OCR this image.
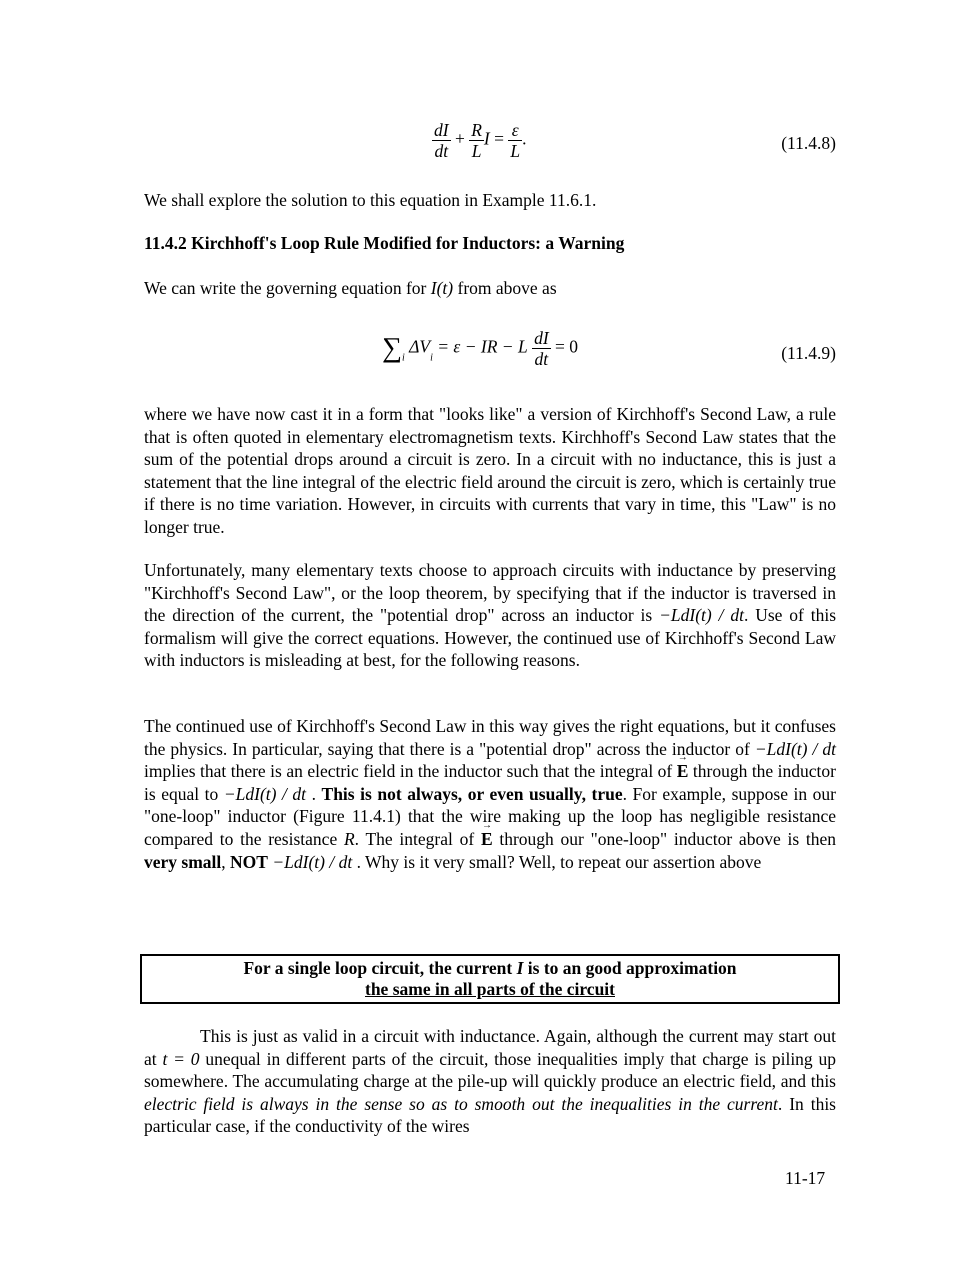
$\frac{dI}{dt} + \frac{R}{L}$ $I = \frac{\varepsilon}{L}$ .	(11.4.8)

We shall explore the solution to this equation in Example 11.6.1.

11.4.2 Kirchhoff's Loop Rule Modified for Inductors: a Warning

We can write the governing equation for I(t) from above as

$\sum_i$ $\Delta V_i = \varepsilon$ − IR − L $\frac{dI}{dt} = 0$	(11.4.9)

where we have now cast it in a form that "looks like" a version of Kirchhoff's Second Law, a rule that is often quoted in elementary electromagnetism texts. Kirchhoff's Second Law states that the sum of the potential drops around a circuit is zero. In a circuit with no inductance, this is just a statement that the line integral of the electric field around the circuit is zero, which is certainly true if there is no time variation. However, in circuits with currents that vary in time, this "Law" is no longer true.

Unfortunately, many elementary texts choose to approach circuits with inductance by preserving "Kirchhoff's Second Law", or the loop theorem, by specifying that if the inductor is traversed in the direction of the current, the "potential drop" across an inductor is −LdI(t) / dt. Use of this formalism will give the correct equations. However, the continued use of Kirchhoff's Second Law with inductors is misleading at best, for the following reasons.

The continued use of Kirchhoff's Second Law in this way gives the right equations, but it confuses the physics. In particular, saying that there is a "potential drop" across the inductor of −LdI(t) / dt implies that there is an electric field in the inductor such that the integral of → E through the inductor is equal to −LdI(t) / dt . This is not always, or even usually, true. For example, suppose in our "one-loop" inductor (Figure 11.4.1) that the wire making up the loop has negligible resistance compared to the resistance R. The integral of → E through our "one-loop" inductor above is then very small, NOT −LdI(t) / dt . Why is it very small? Well, to repeat our assertion above

For a single loop circuit, the current I is to an good approximation
the same in all parts of the circuit

This is just as valid in a circuit with inductance. Again, although the current may start out at t = 0 unequal in different parts of the circuit, those inequalities imply that charge is piling up somewhere. The accumulating charge at the pile-up will quickly produce an electric field, and this electric field is always in the sense so as to smooth out the inequalities in the current. In this particular case, if the conductivity of the wires

11-17
